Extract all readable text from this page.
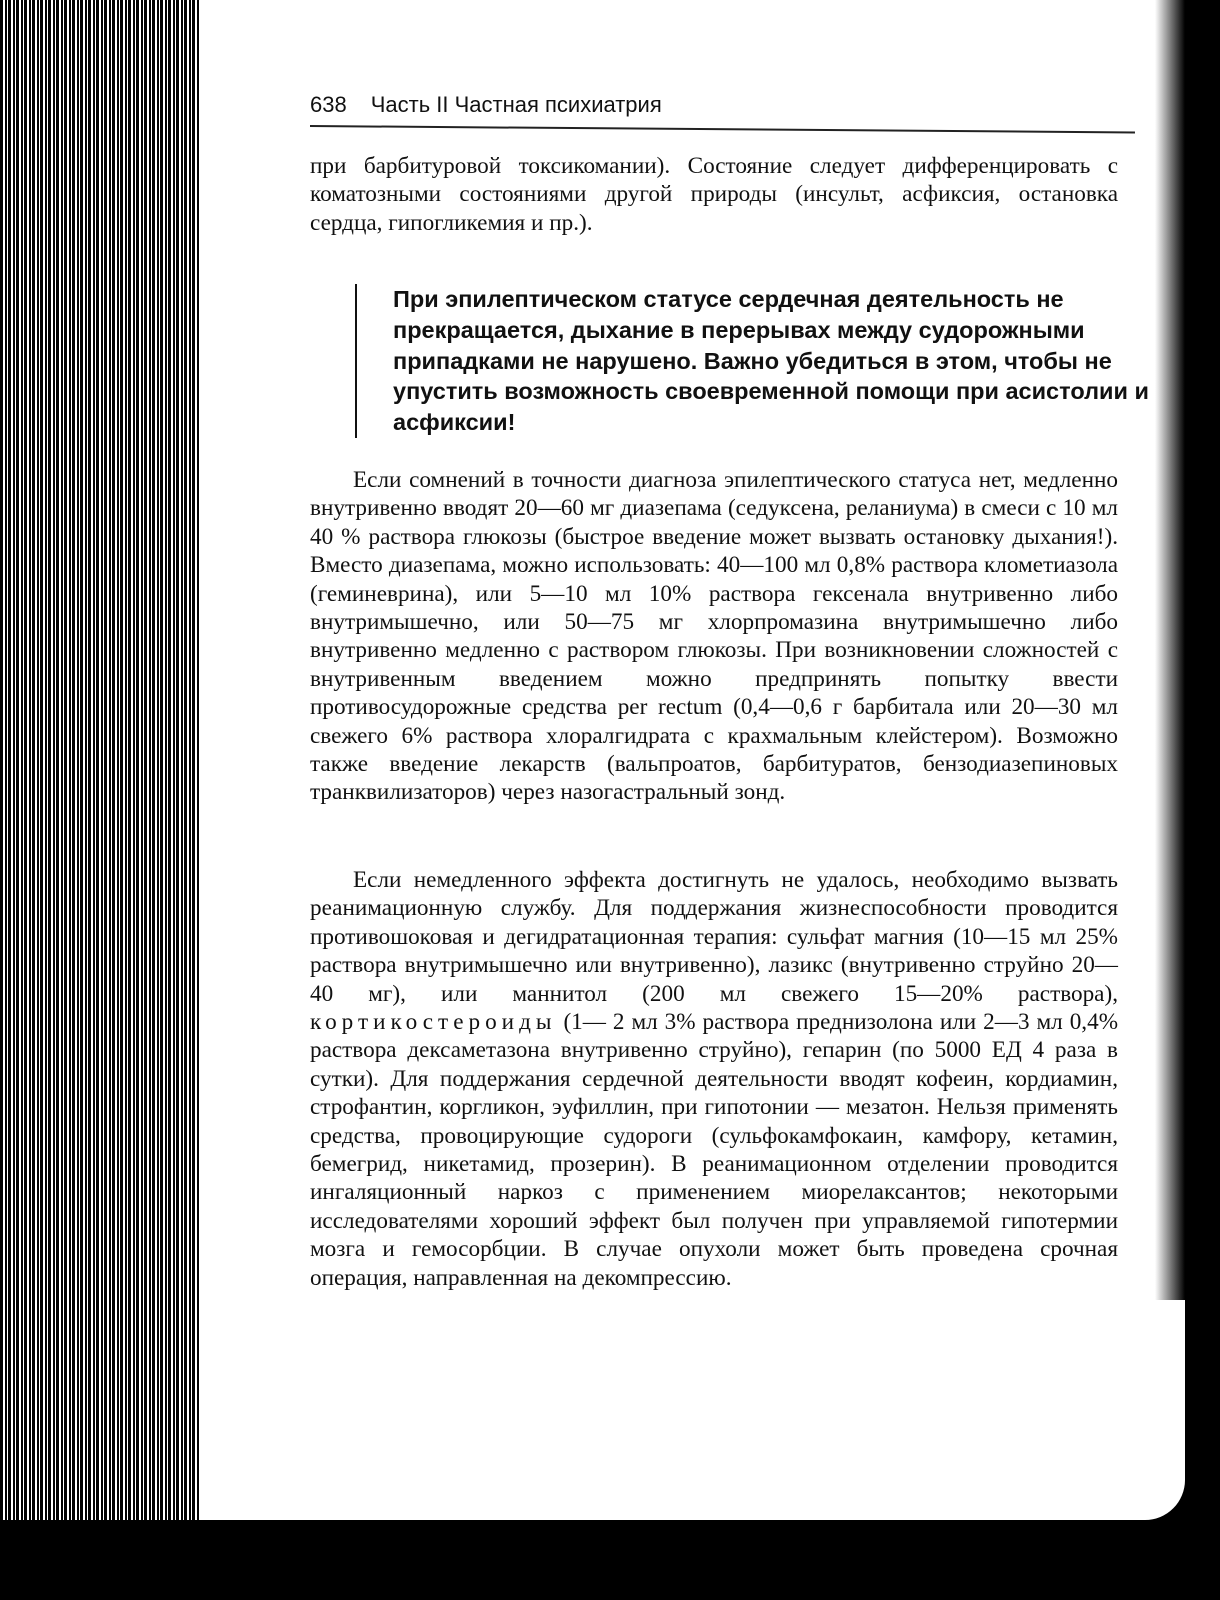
638 Часть II Частная психиатрия
при барбитуровой токсикомании). Состояние следует дифференцировать с коматозными состояниями другой природы (инсульт, асфиксия, остановка сердца, гипогликемия и пр.).
При эпилептическом статусе сердечная деятельность не прекращается, дыхание в перерывах между судорожными припадками не нарушено. Важно убедиться в этом, чтобы не упустить возможность своевременной помощи при асистолии и асфиксии!
Если сомнений в точности диагноза эпилептического статуса нет, медленно внутривенно вводят 20—60 мг диазепама (седуксена, реланиума) в смеси с 10 мл 40 % раствора глюкозы (быстрое введение может вызвать остановку дыхания!). Вместо диазепама, можно использовать: 40—100 мл 0,8% раствора клометиазола (геминеврина), или 5—10 мл 10% раствора гексенала внутривенно либо внутримышечно, или 50—75 мг хлорпромазина внутримышечно либо внутривенно медленно с раствором глюкозы. При возникновении сложностей с внутривенным введением можно предпринять попытку ввести противосудорожные средства per rectum (0,4—0,6 г барбитала или 20—30 мл свежего 6% раствора хлоралгидрата с крахмальным клейстером). Возможно также введение лекарств (вальпроатов, барбитуратов, бензодиазепиновых транквилизаторов) через назогастральный зонд.
Если немедленного эффекта достигнуть не удалось, необходимо вызвать реанимационную службу. Для поддержания жизнеспособности проводится противошоковая и дегидратационная терапия: сульфат магния (10—15 мл 25% раствора внутримышечно или внутривенно), лазикс (внутривенно струйно 20—40 мг), или маннитол (200 мл свежего 15—20% раствора), кортикостероиды (1— 2 мл 3% раствора преднизолона или 2—3 мл 0,4% раствора дексаметазона внутривенно струйно), гепарин (по 5000 ЕД 4 раза в сутки). Для поддержания сердечной деятельности вводят кофеин, кордиамин, строфантин, коргликон, эуфиллин, при гипотонии — мезатон. Нельзя применять средства, провоцирующие судороги (сульфокамфокаин, камфору, кетамин, бемегрид, никетамид, прозерин). В реанимационном отделении проводится ингаляционный наркоз с применением миорелаксантов; некоторыми исследователями хороший эффект был получен при управляемой гипотермии мозга и гемосорбции. В случае опухоли может быть проведена срочная операция, направленная на декомпрессию.
